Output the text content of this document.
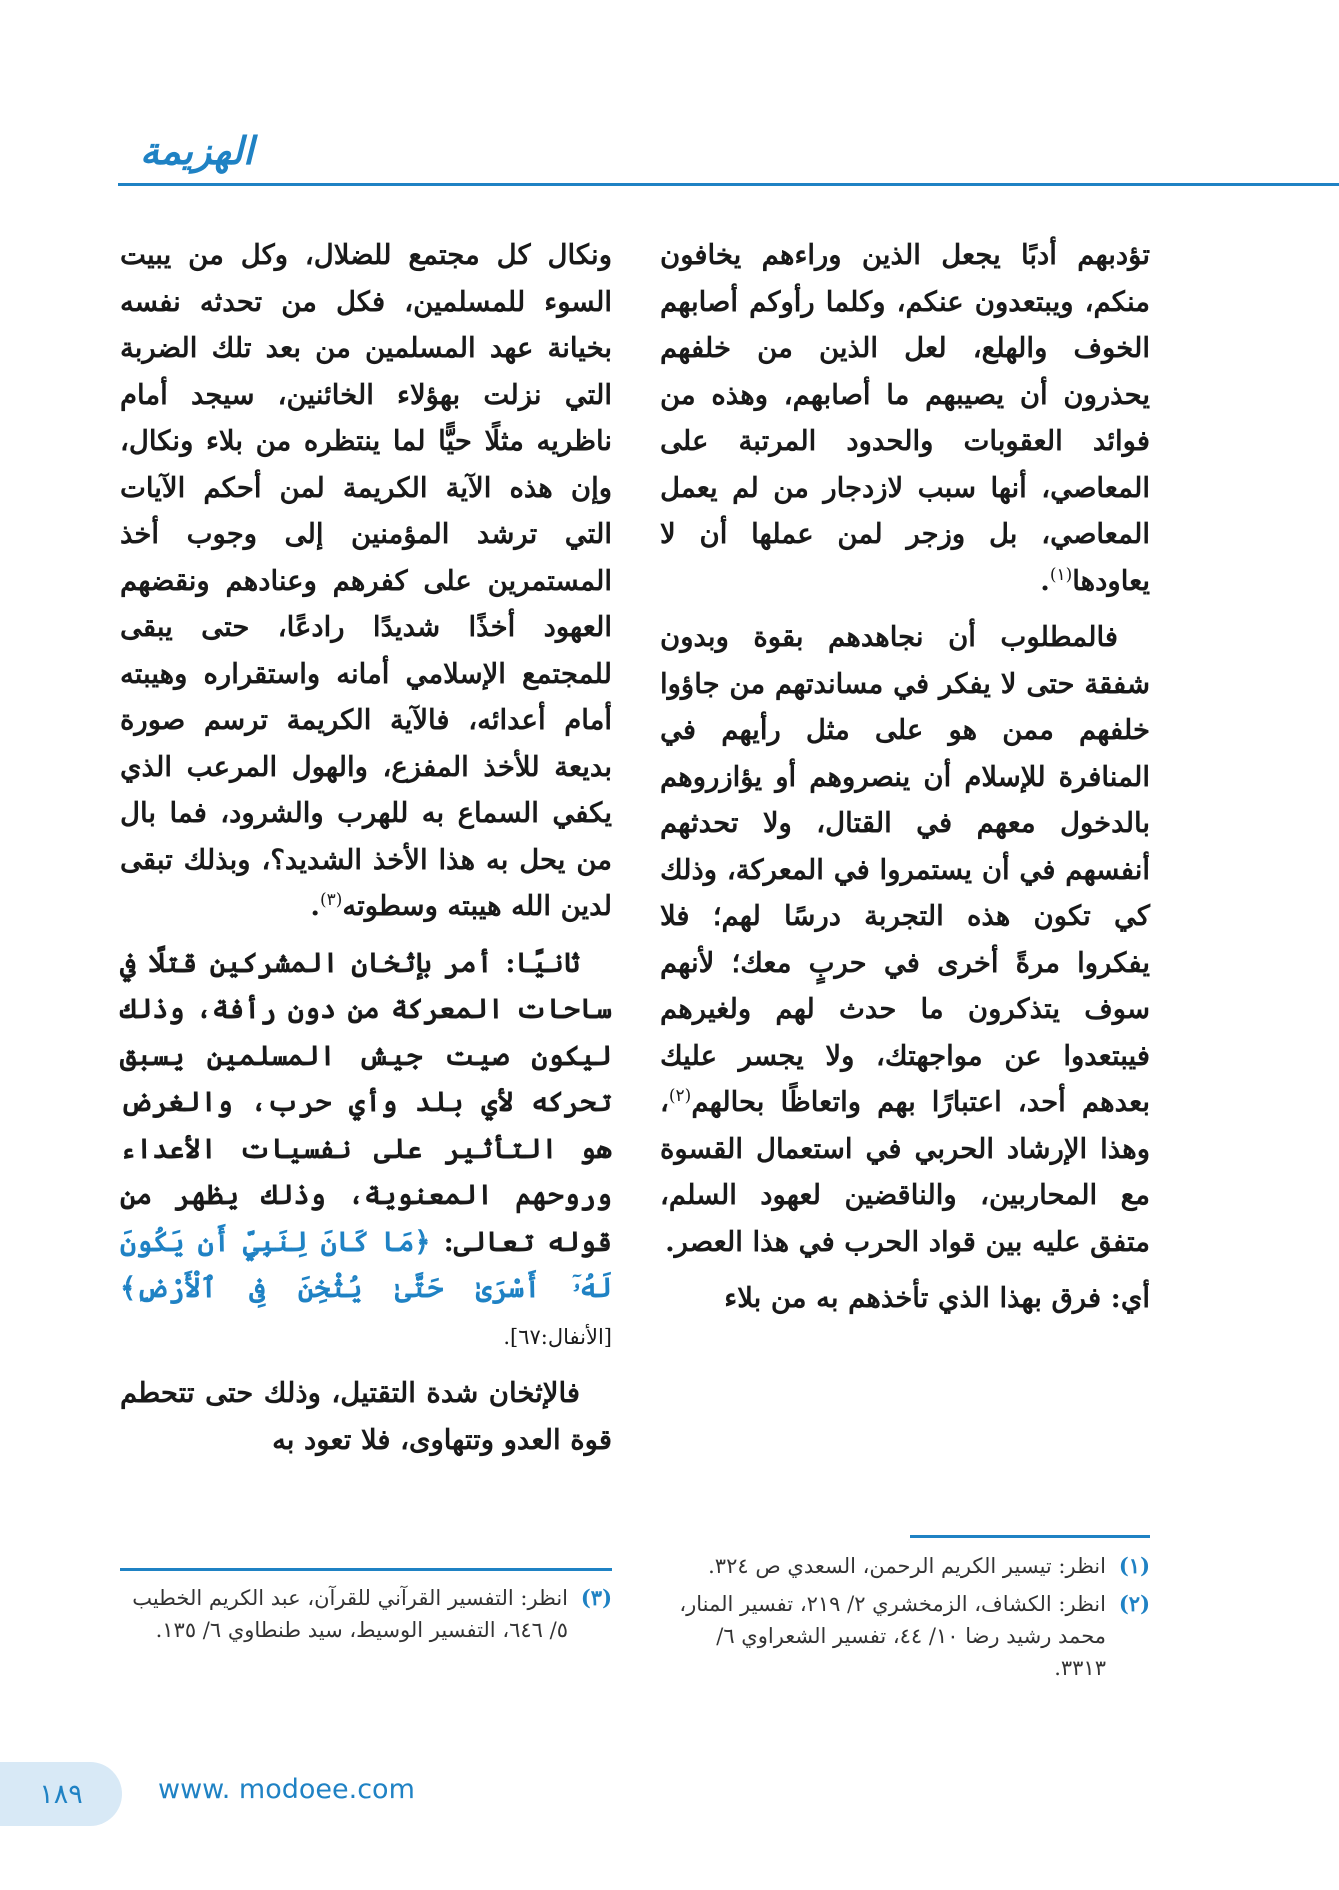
الهزيمة

تؤدبهم أدبًا يجعل الذين وراءهم يخافون منكم، ويبتعدون عنكم، وكلما رأوكم أصابهم الخوف والهلع، لعل الذين من خلفهم يحذرون أن يصيبهم ما أصابهم، وهذه من فوائد العقوبات والحدود المرتبة على المعاصي، أنها سبب لازدجار من لم يعمل المعاصي، بل وزجر لمن عملها أن لا يعاودها$^{(١)}$.

فالمطلوب أن نجاهدهم بقوة وبدون شفقة حتى لا يفكر في مساندتهم من جاؤوا خلفهم ممن هو على مثل رأيهم في المنافرة للإسلام أن ينصروهم أو يؤازروهم بالدخول معهم في القتال، ولا تحدثهم أنفسهم في أن يستمروا في المعركة، وذلك كي تكون هذه التجربة درسًا لهم؛ فلا يفكروا مرةً أخرى في حربٍ معك؛ لأنهم سوف يتذكرون ما حدث لهم ولغيرهم فيبتعدوا عن مواجهتك، ولا يجسر عليك بعدهم أحد، اعتبارًا بهم واتعاظًا بحالهم$^{(٢)}$، وهذا الإرشاد الحربي في استعمال القسوة مع المحاربين، والناقضين لعهود السلم، متفق عليه بين قواد الحرب في هذا العصر.

أي: فرق بهذا الذي تأخذهم به من بلاء

ونكال كل مجتمع للضلال، وكل من يبيت السوء للمسلمين، فكل من تحدثه نفسه بخيانة عهد المسلمين من بعد تلك الضربة التي نزلت بهؤلاء الخائنين، سيجد أمام ناظريه مثلًا حيًّا لما ينتظره من بلاء ونكال، وإن هذه الآية الكريمة لمن أحكم الآيات التي ترشد المؤمنين إلى وجوب أخذ المستمرين على كفرهم وعنادهم ونقضهم العهود أخذًا شديدًا رادعًا، حتى يبقى للمجتمع الإسلامي أمانه واستقراره وهيبته أمام أعدائه، فالآية الكريمة ترسم صورة بديعة للأخذ المفزع، والهول المرعب الذي يكفي السماع به للهرب والشرود، فما بال من يحل به هذا الأخذ الشديد؟، وبذلك تبقى لدين الله هيبته وسطوته$^{(٣)}$.

ثانيًا: أمر بإثخان المشركين قتلًا في ساحات المعركة من دون رأفة، وذلك ليكون صيت جيش المسلمين يسبق تحركه لأي بلد وأي حرب، والغرض هو التأثير على نفسيات الأعداء وروحهم المعنوية، وذلك يظهر من قوله تعالى: ﴿مَا كَانَ لِنَبِيٍّ أَن يَكُونَ لَهُۥٓ أَسْرَىٰ حَتَّىٰ يُثْخِنَ فِى ٱلْأَرْضِ﴾ [الأنفال:٦٧].

فالإثخان شدة التقتيل، وذلك حتى تتحطم قوة العدو وتتهاوى، فلا تعود به

(١)
انظر: تيسير الكريم الرحمن، السعدي ص ٣٢٤.
(٢)
انظر: الكشاف، الزمخشري ٢/ ٢١٩، تفسير المنار، محمد رشيد رضا ١٠/ ٤٤، تفسير الشعراوي ٦/ ٣٣١٣.
(٣)
انظر: التفسير القرآني للقرآن، عبد الكريم الخطيب ٥/ ٦٤٦، التفسير الوسيط، سيد طنطاوي ٦/ ١٣٥.
١٨٩	www. modoee.com
